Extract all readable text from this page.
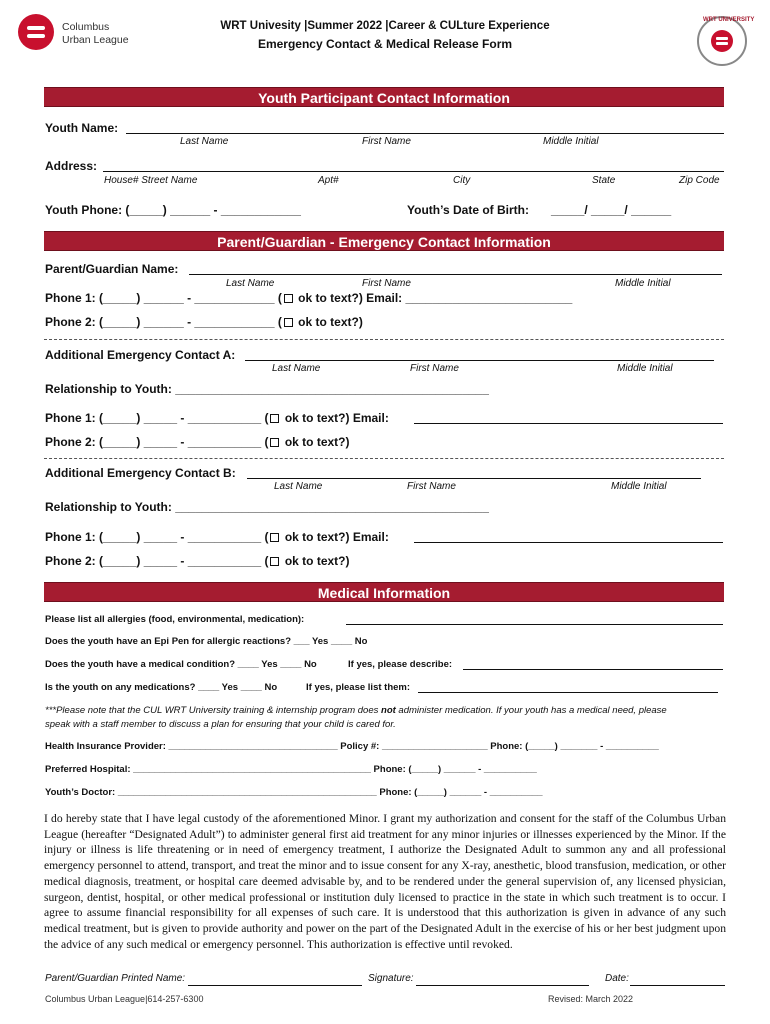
Columbus
Urban League
WRT Univesity |Summer 2022 |Career & CULture Experience
Emergency Contact & Medical Release Form
WRT UNIVERSITY
Youth Participant Contact Information
Youth Name:
Last Name	First Name	Middle Initial
Address:
House# Street Name	Apt#	City	State	Zip Code
Youth Phone: (_____) ______ - ____________	Youth’s Date of Birth: _____/ _____/ ______
Parent/Guardian - Emergency Contact Information
Parent/Guardian Name:
Last Name	First Name	Middle Initial
Phone 1: (_____) ______ - ____________ ( ok to text?) Email: _________________________
Phone 2: (_____) ______ - ____________ ( ok to text?)
Additional Emergency Contact A:
Last Name	First Name	Middle Initial
Relationship to Youth: _______________________________________________
Phone 1: (_____) _____ - ___________ ( ok to text?) Email:
Phone 2: (_____) _____ - ___________ ( ok to text?)
Additional Emergency Contact B:
Last Name	First Name	Middle Initial
Relationship to Youth: _______________________________________________
Phone 1: (_____) _____ - ___________ ( ok to text?) Email:
Phone 2: (_____) _____ - ___________ ( ok to text?)
Medical Information
Please list all allergies (food, environmental, medication):
Does the youth have an Epi Pen for allergic reactions? ___ Yes ____ No
Does the youth have a medical condition? ____ Yes ____ No	If yes, please describe:
Is the youth on any medications? ____ Yes ____ No	If yes, please list them:
***Please note that the CUL WRT University training & internship program does not administer medication. If your youth has a medical need, please
speak with a staff member to discuss a plan for ensuring that your child is cared for.
Health Insurance Provider: ________________________________ Policy #: ____________________ Phone: (_____) _______ - __________
Preferred Hospital: _____________________________________________ Phone: (_____) ______ - __________
Youth’s Doctor: _________________________________________________ Phone: (_____) ______ - __________
I do hereby state that I have legal custody of the aforementioned Minor. I grant my authorization and consent for the staff of the Columbus Urban League (hereafter “Designated Adult”) to administer general first aid treatment for any minor injuries or illnesses experienced by the Minor. If the injury or illness is life threatening or in need of emergency treatment, I authorize the Designated Adult to summon any and all professional emergency personnel to attend, transport, and treat the minor and to issue consent for any X-ray, anesthetic, blood transfusion, medication, or other medical diagnosis, treatment, or hospital care deemed advisable by, and to be rendered under the general supervision of, any licensed physician, surgeon, dentist, hospital, or other medical professional or institution duly licensed to practice in the state in which such treatment is to occur. I agree to assume financial responsibility for all expenses of such care. It is understood that this authorization is given in advance of any such medical treatment, but is given to provide authority and power on the part of the Designated Adult in the exercise of his or her best judgment upon the advice of any such medical or emergency personnel. This authorization is effective until revoked.
Parent/Guardian Printed Name:	Signature:	Date:
Columbus Urban League|614-257-6300	Revised: March 2022
